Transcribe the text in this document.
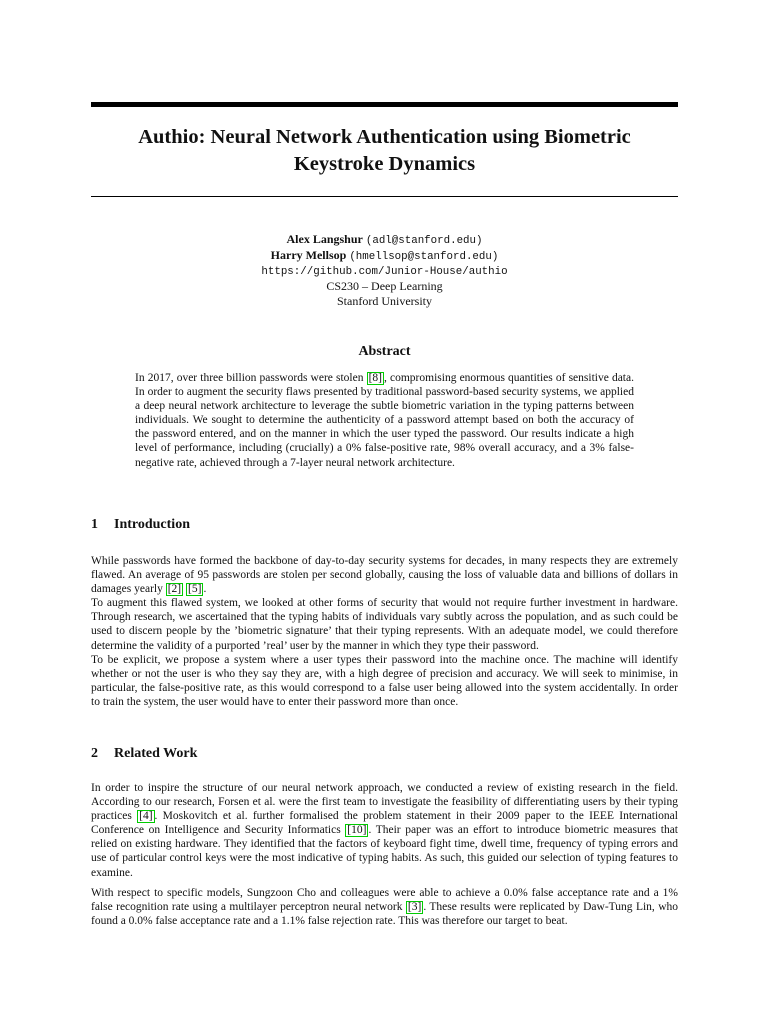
Authio: Neural Network Authentication using Biometric Keystroke Dynamics
Alex Langshur (adl@stanford.edu)
Harry Mellsop (hmellsop@stanford.edu)
https://github.com/Junior-House/authio
CS230 – Deep Learning
Stanford University
Abstract

In 2017, over three billion passwords were stolen [8] , compromising enormous quantities of sensitive data. In order to augment the security flaws presented by traditional password-based security systems, we applied a deep neural network architecture to leverage the subtle biometric variation in the typing patterns between individuals. We sought to determine the authenticity of a password attempt based on both the accuracy of the password entered, and on the manner in which the user typed the password. Our results indicate a high level of performance, including (crucially) a 0% false-positive rate, 98% overall accuracy, and a 3% false-negative rate, achieved through a 7-layer neural network architecture.

1 Introduction
While passwords have formed the backbone of day-to-day security systems for decades, in many respects they are extremely flawed. An average of 95 passwords are stolen per second globally, causing the loss of valuable data and billions of dollars in damages yearly [2] [5] .
To augment this flawed system, we looked at other forms of security that would not require further investment in hardware. Through research, we ascertained that the typing habits of individuals vary subtly across the population, and as such could be used to discern people by the ’biometric signature’ that their typing represents. With an adequate model, we could therefore determine the validity of a purported ’real’ user by the manner in which they type their password.
To be explicit, we propose a system where a user types their password into the machine once. The machine will identify whether or not the user is who they say they are, with a high degree of precision and accuracy. We will seek to minimise, in particular, the false-positive rate, as this would correspond to a false user being allowed into the system accidentally. In order to train the system, the user would have to enter their password more than once.
2 Related Work
In order to inspire the structure of our neural network approach, we conducted a review of existing research in the field. According to our research, Forsen et al. were the first team to investigate the feasibility of differentiating users by their typing practices [4] . Moskovitch et al. further formalised the problem statement in their 2009 paper to the IEEE International Conference on Intelligence and Security Informatics [10] . Their paper was an effort to introduce biometric measures that relied on existing hardware. They identified that the factors of keyboard fight time, dwell time, frequency of typing errors and use of particular control keys were the most indicative of typing habits. As such, this guided our selection of typing features to examine.
With respect to specific models, Sungzoon Cho and colleagues were able to achieve a 0.0% false acceptance rate and a 1% false recognition rate using a multilayer perceptron neural network [3] . These results were replicated by Daw-Tung Lin, who found a 0.0% false acceptance rate and a 1.1% false rejection rate. This was therefore our target to beat.
